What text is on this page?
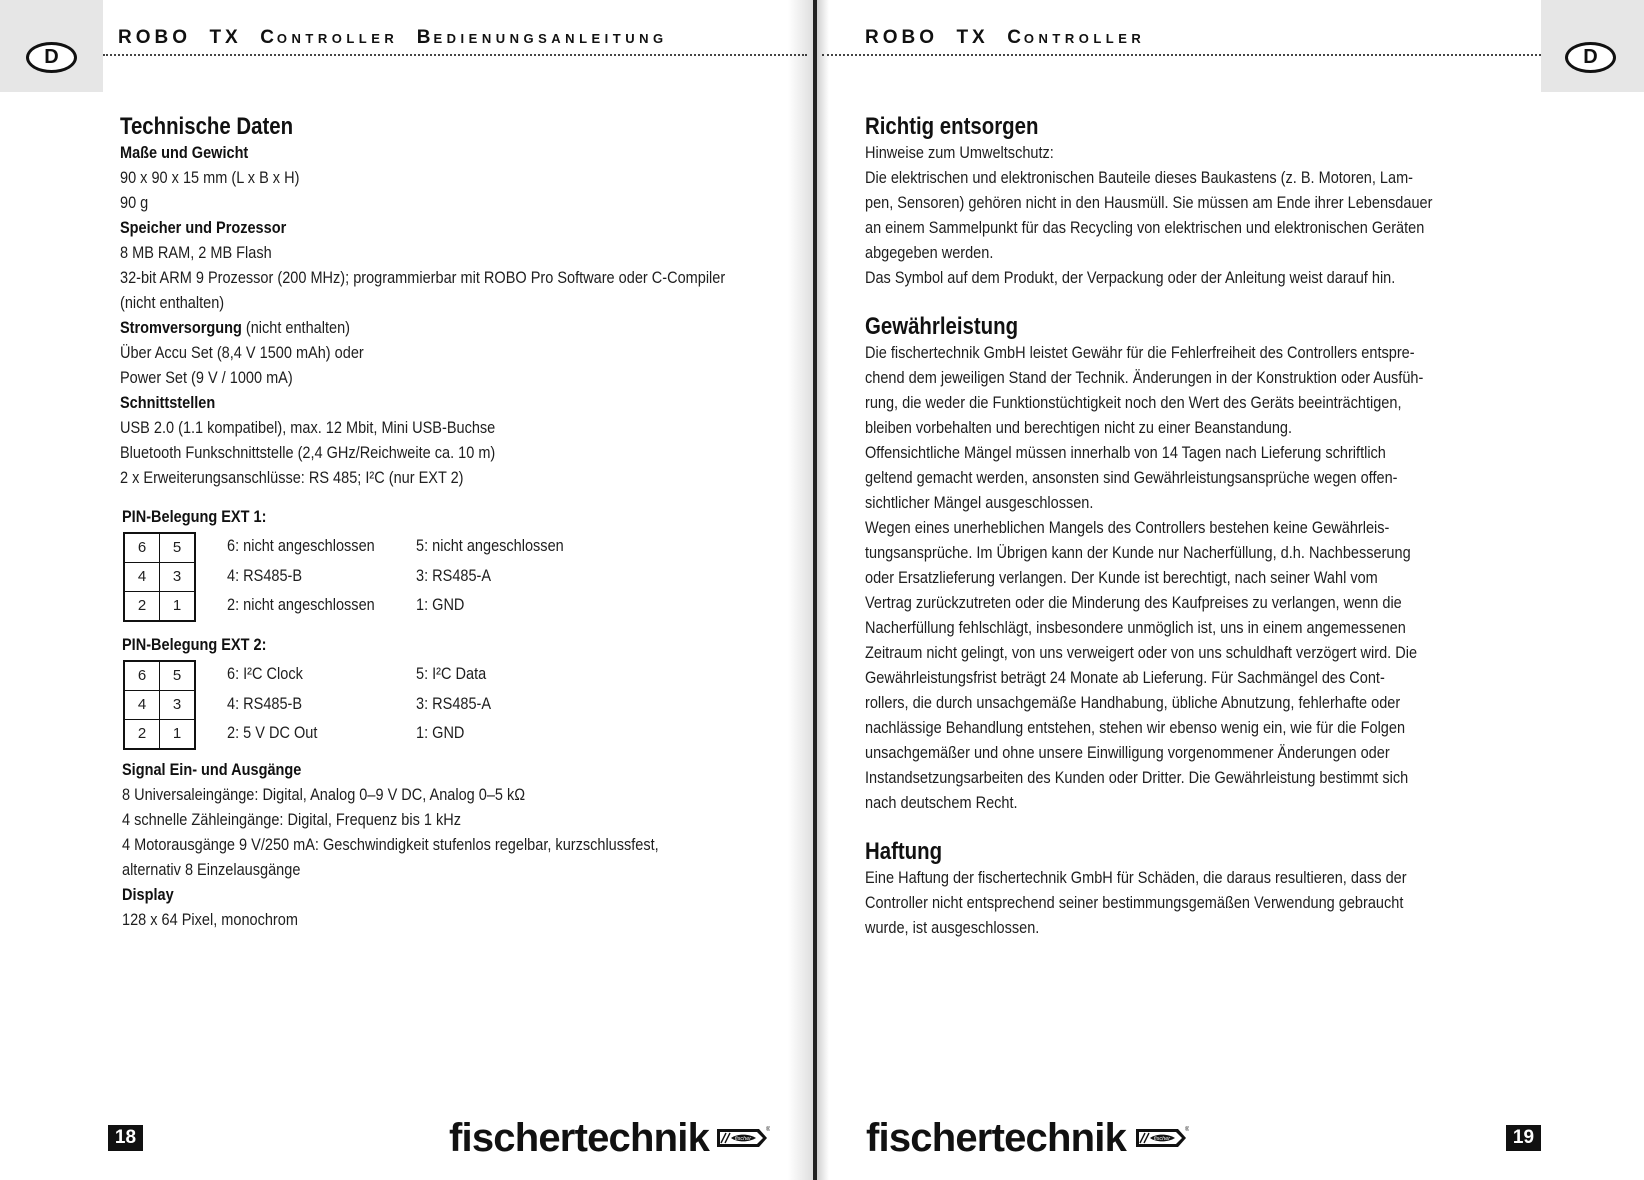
D	D
ROBO TX CONTROLLER BEDIENUNGSANLEITUNG	ROBO TX CONTROLLER
Technische Daten
Maße und Gewicht
90 x 90 x 15 mm (L x B x H)
90 g
Speicher und Prozessor
8 MB RAM, 2 MB Flash
32-bit ARM 9 Prozessor (200 MHz); programmierbar mit ROBO Pro Software oder C-Compiler
(nicht enthalten)
Stromversorgung (nicht enthalten)
Über Accu Set (8,4 V 1500 mAh) oder
Power Set (9 V / 1000 mA)
Schnittstellen
USB 2.0 (1.1 kompatibel), max. 12 Mbit, Mini USB-Buchse
Bluetooth Funkschnittstelle (2,4 GHz/Reichweite ca. 10 m)
2 x Erweiterungsanschlüsse: RS 485; I²C (nur EXT 2)
PIN-Belegung EXT 1:
6	5
4	3
2	1
6: nicht angeschlossen	5: nicht angeschlossen
4: RS485-B	3: RS485-A
2: nicht angeschlossen	1: GND
PIN-Belegung EXT 2:
6	5
4	3
2	1
6: I²C Clock	5: I²C Data
4: RS485-B	3: RS485-A
2: 5 V DC Out	1: GND
Signal Ein- und Ausgänge
8 Universaleingänge: Digital, Analog 0–9 V DC, Analog 0–5 kΩ
4 schnelle Zähleingänge: Digital, Frequenz bis 1 kHz
4 Motorausgänge 9 V/250 mA: Geschwindigkeit stufenlos regelbar, kurzschlussfest,
alternativ 8 Einzelausgänge
Display
128 x 64 Pixel, monochrom
Richtig entsorgen
Hinweise zum Umweltschutz:
Die elektrischen und elektronischen Bauteile dieses Baukastens (z. B. Motoren, Lam-
pen, Sensoren) gehören nicht in den Hausmüll. Sie müssen am Ende ihrer Lebensdauer
an einem Sammelpunkt für das Recycling von elektrischen und elektronischen Geräten
abgegeben werden.
Das Symbol auf dem Produkt, der Verpackung oder der Anleitung weist darauf hin.
Gewährleistung
Die fischertechnik GmbH leistet Gewähr für die Fehlerfreiheit des Controllers entspre-
chend dem jeweiligen Stand der Technik. Änderungen in der Konstruktion oder Ausfüh-
rung, die weder die Funktionstüchtigkeit noch den Wert des Geräts beeinträchtigen,
bleiben vorbehalten und berechtigen nicht zu einer Beanstandung.
Offensichtliche Mängel müssen innerhalb von 14 Tagen nach Lieferung schriftlich
geltend gemacht werden, ansonsten sind Gewährleistungsansprüche wegen offen-
sichtlicher Mängel ausgeschlossen.
Wegen eines unerheblichen Mangels des Controllers bestehen keine Gewährleis-
tungsansprüche. Im Übrigen kann der Kunde nur Nacherfüllung, d.h. Nachbesserung
oder Ersatzlieferung verlangen. Der Kunde ist berechtigt, nach seiner Wahl vom
Vertrag zurückzutreten oder die Minderung des Kaufpreises zu verlangen, wenn die
Nacherfüllung fehlschlägt, insbesondere unmöglich ist, uns in einem angemessenen
Zeitraum nicht gelingt, von uns verweigert oder von uns schuldhaft verzögert wird. Die
Gewährleistungsfrist beträgt 24 Monate ab Lieferung. Für Sachmängel des Cont-
rollers, die durch unsachgemäße Handhabung, übliche Abnutzung, fehlerhafte oder
nachlässige Behandlung entstehen, stehen wir ebenso wenig ein, wie für die Folgen
unsachgemäßer und ohne unsere Einwilligung vorgenommener Änderungen oder
Instandsetzungsarbeiten des Kunden oder Dritter. Die Gewährleistung bestimmt sich
nach deutschem Recht.
Haftung
Eine Haftung der fischertechnik GmbH für Schäden, die daraus resultieren, dass der
Controller nicht entsprechend seiner bestimmungsgemäßen Verwendung gebraucht
wurde, ist ausgeschlossen.
18	fischertechnik	fischer
® fischertechnik	fischer
®	19
